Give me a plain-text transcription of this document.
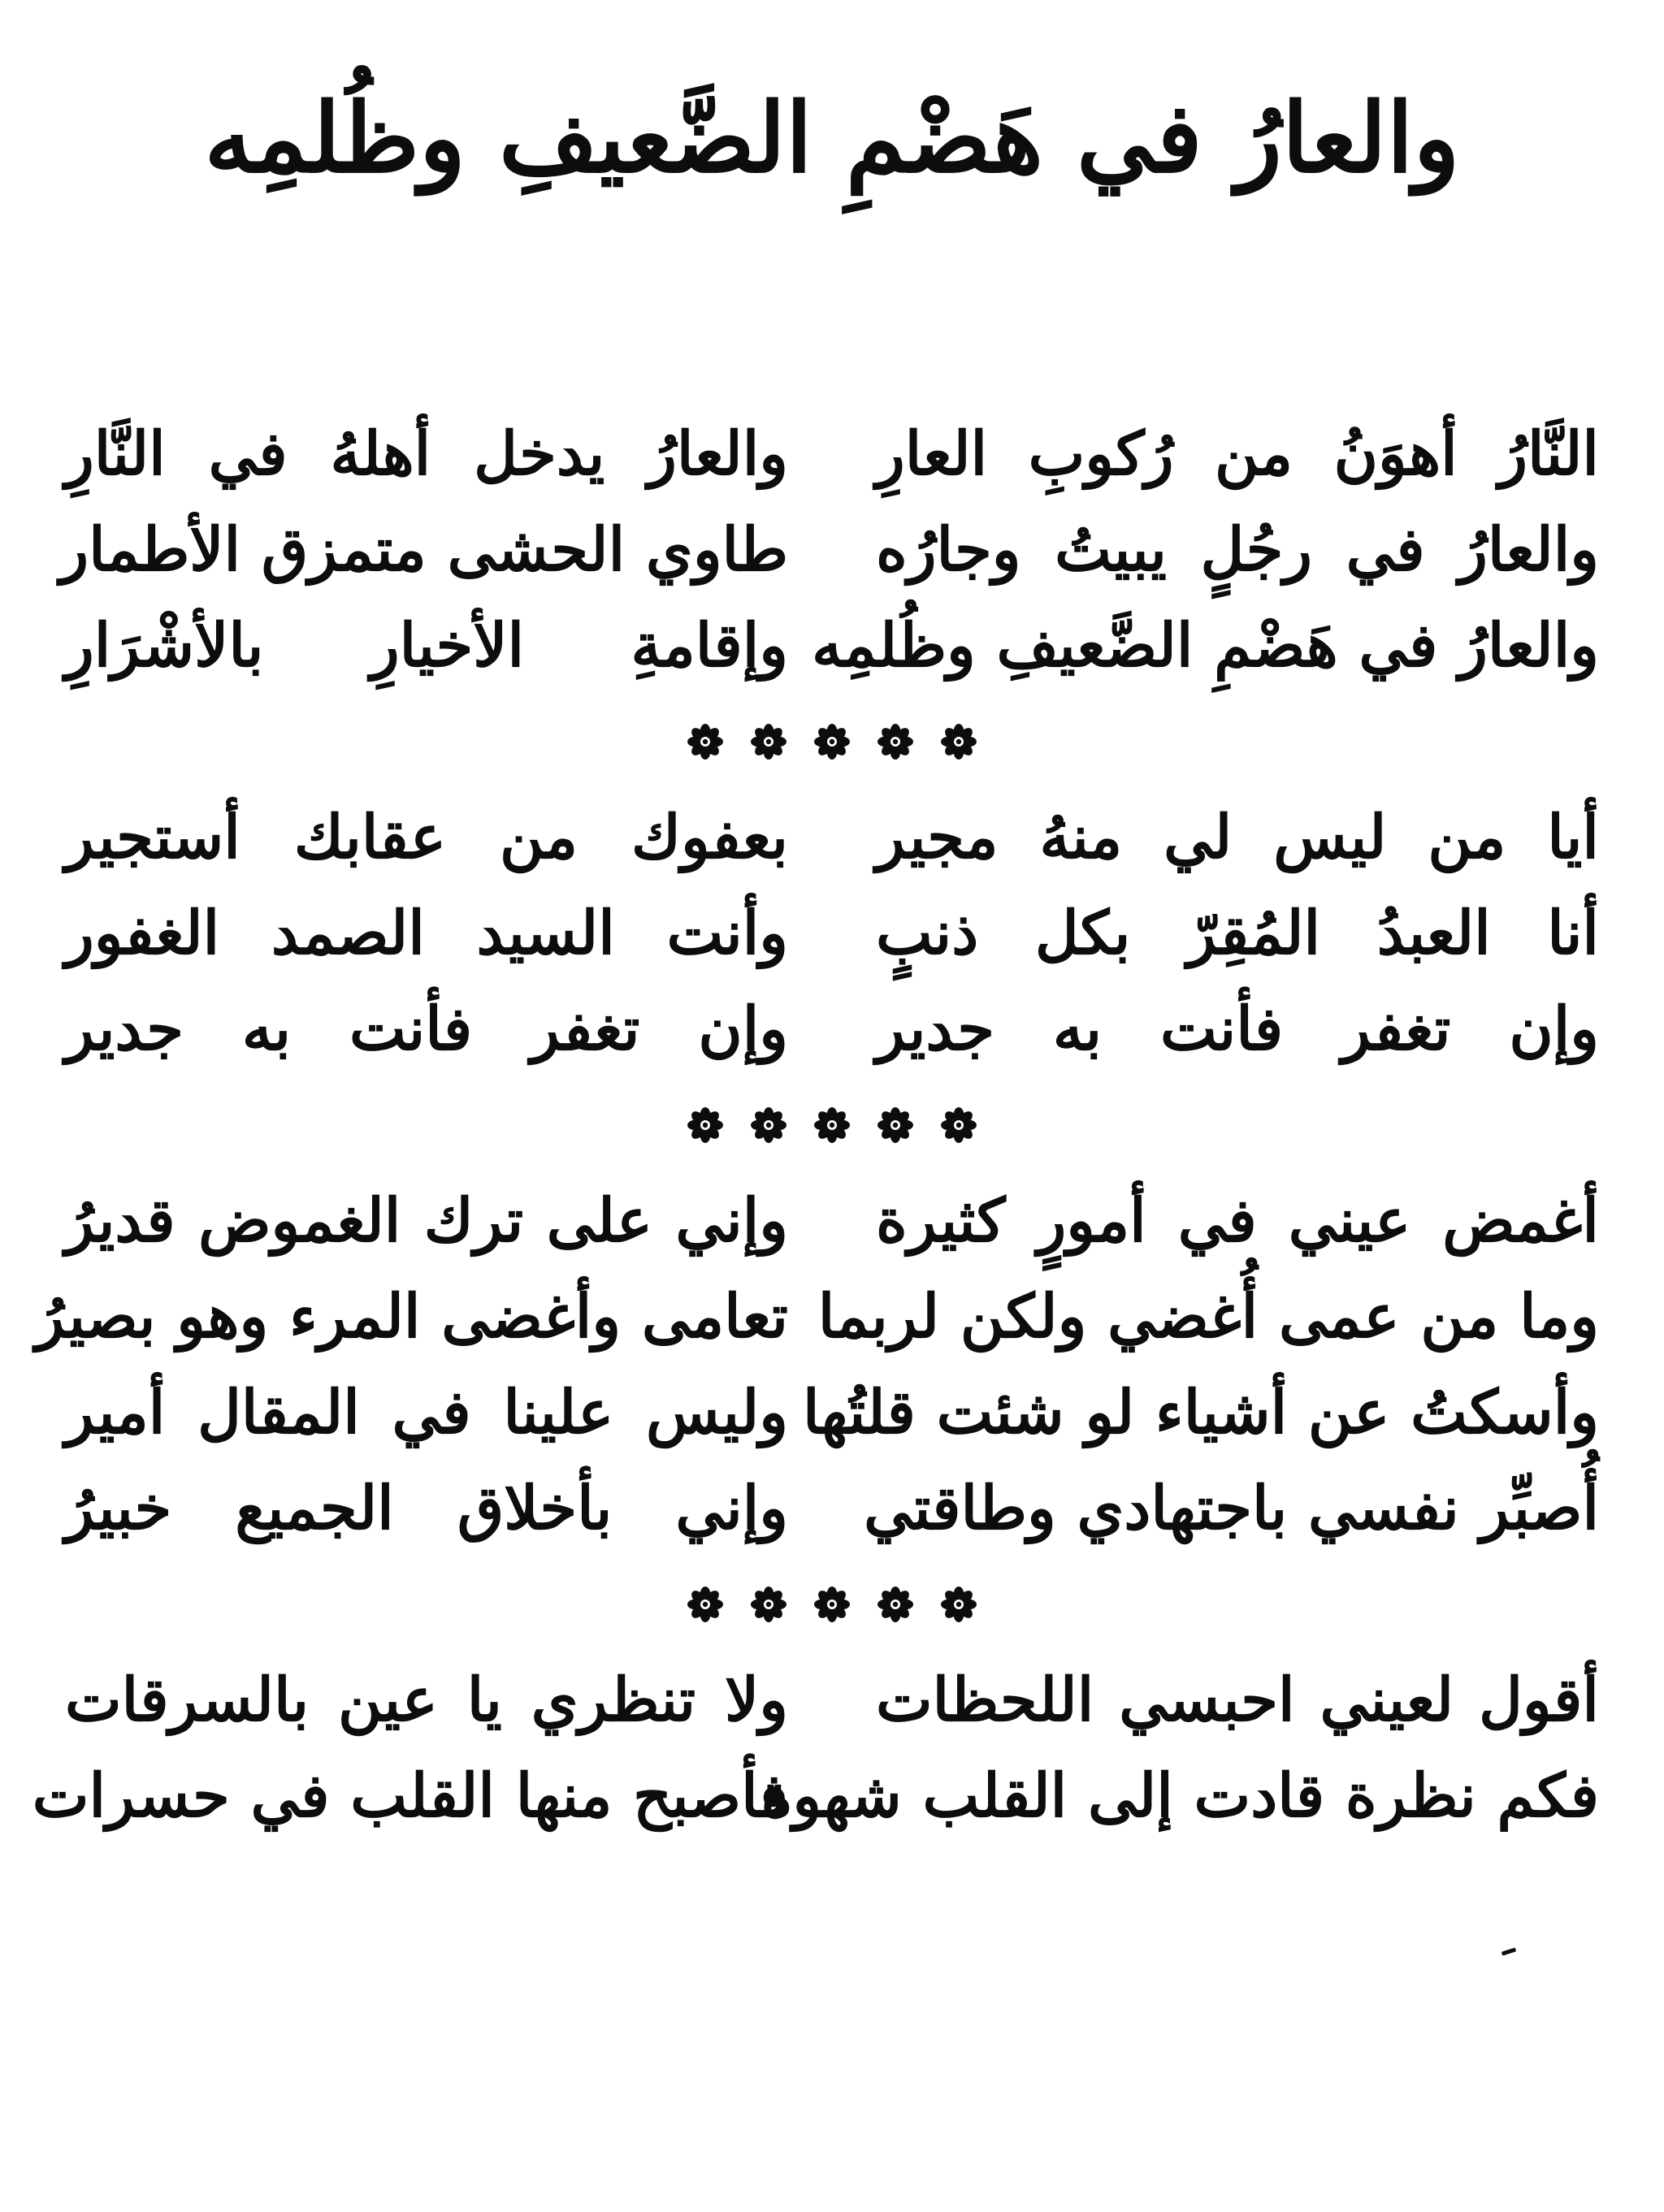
والعارُ في هَضْمِ الضَّعيفِ وظُلمِه
النَّارُ أهوَنُ من رُكوبِ العارِ
والعارُ يدخل أهلهُ في النَّارِ
والعارُ في رجُلٍ يبيتُ وجارُه
طاوي الحشى متمزق الأطمار
والعارُ في هَضْمِ الضَّعيفِ وظُلمِه
وإقامةِ الأخيارِ بالأشْرَارِ
أيا من ليس لي منهُ مجير
بعفوك من عقابك أستجير
أنا العبدُ المُقِرّ بكل ذنبٍ
وأنت السيد الصمد الغفور
وإن تغفر فأنت به جدير
وإن تغفر فأنت به جدير
أغمض عيني في أمورٍ كثيرة
وإني على ترك الغموض قديرُ
وما من عمى أُغضي ولكن لربما
تعامى وأغضى المرء وهو بصيرُ
وأسكتُ عن أشياء لو شئت قلتُها
وليس علينا في المقال أمير
أُصبِّر نفسي باجتهادي وطاقتي
وإني بأخلاق الجميع خبيرُ
أقول لعيني احبسي اللحظات
ولا تنظري يا عين بالسرقات
فكم نظرة قادت إلى القلب شهوة
فأصبح منها القلب في حسرات
